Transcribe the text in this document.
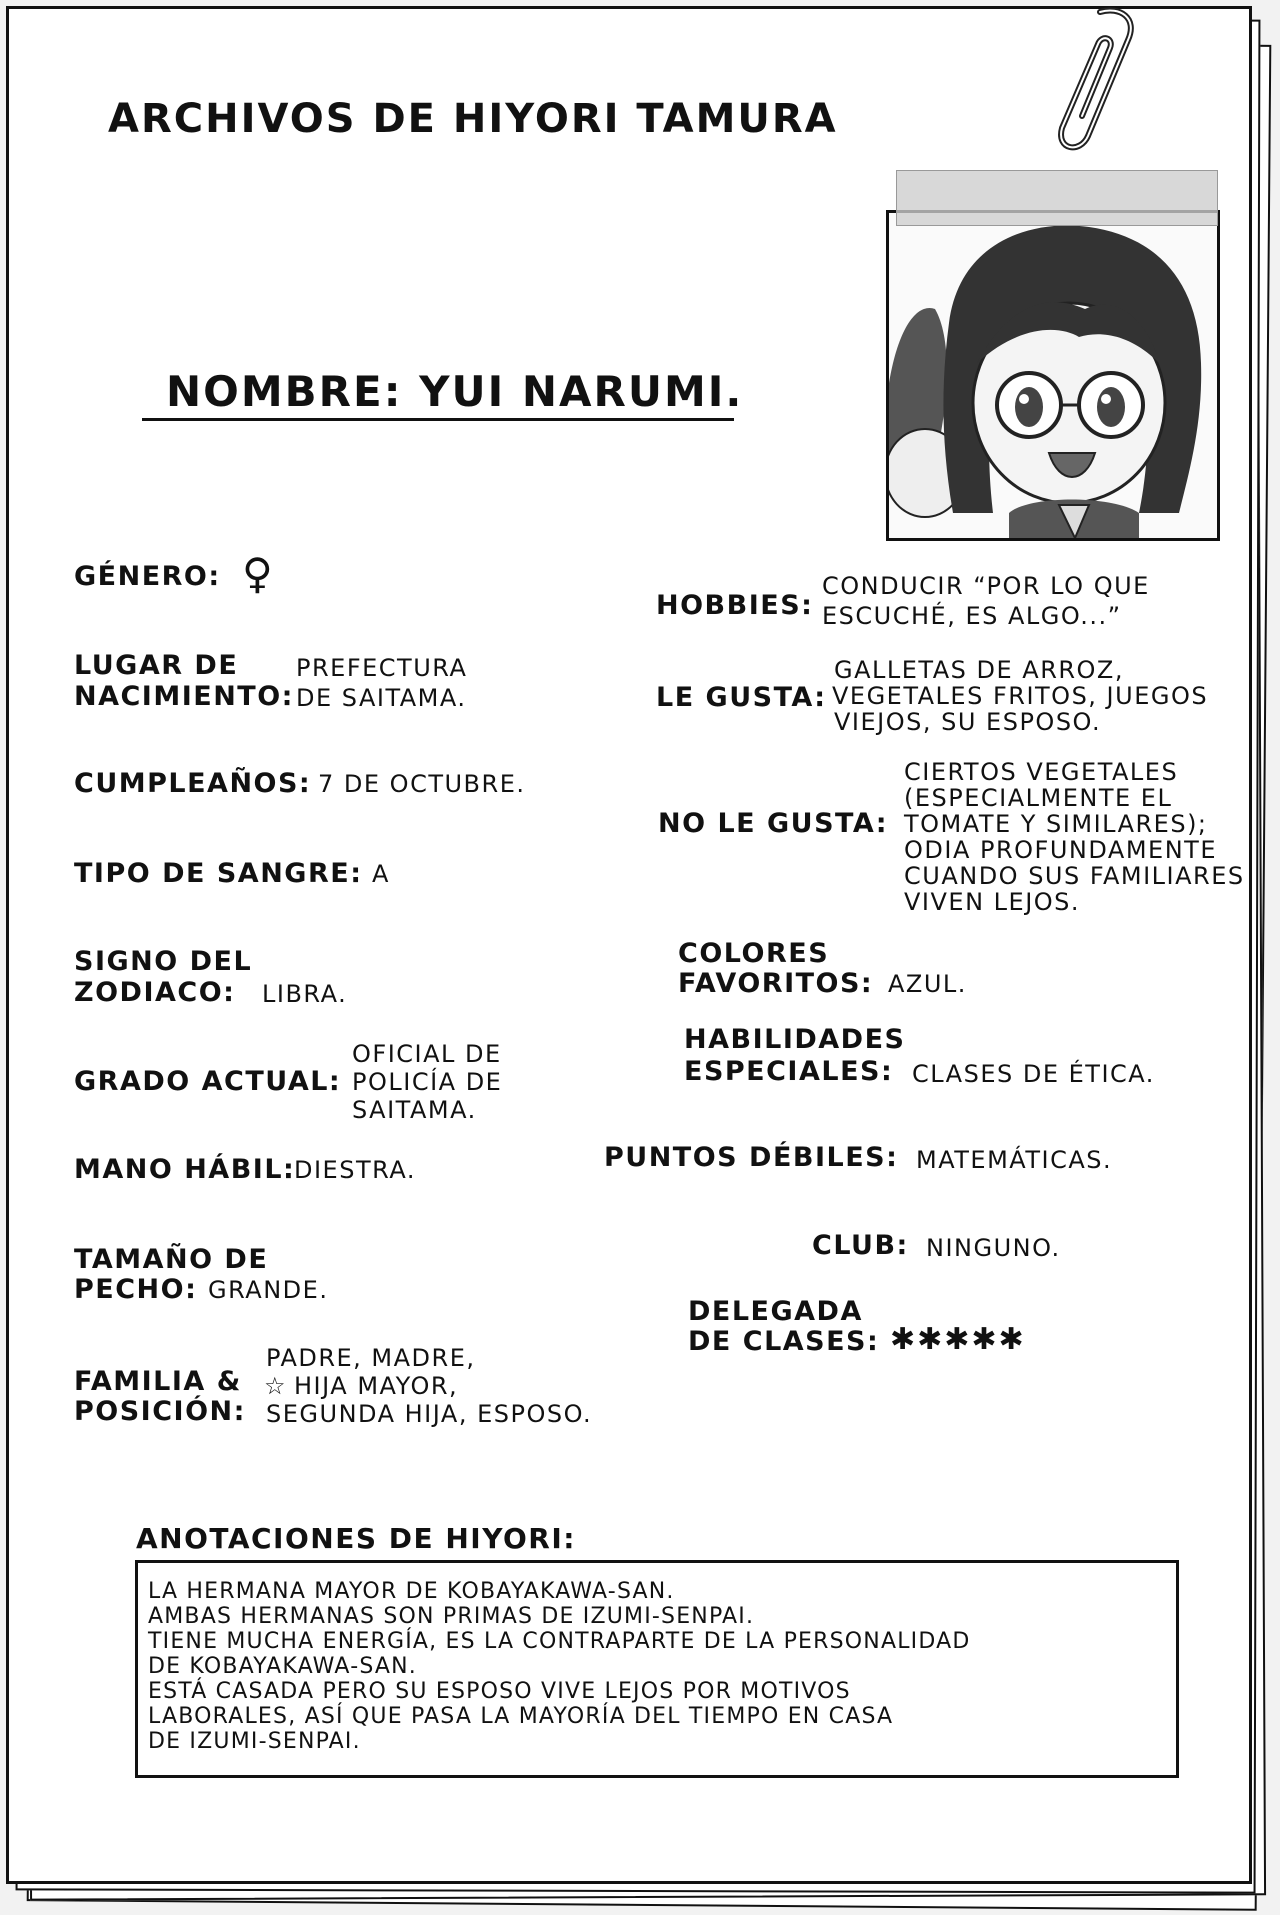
ARCHIVOS DE HIYORI TAMURA
NOMBRE: YUI NARUMI.
GÉNERO: ♀
LUGAR DE
NACIMIENTO:
PREFECTURA
DE SAITAMA.
CUMPLEAÑOS: 7 DE OCTUBRE.
TIPO DE SANGRE: A
SIGNO DEL
ZODIACO: LIBRA.
OFICIAL DE
GRADO ACTUAL: POLICÍA DE
SAITAMA.
MANO HÁBIL:
DIESTRA.
TAMAÑO DE
PECHO: GRANDE.
PADRE, MADRE,
FAMILIA & ☆ HIJA MAYOR,
POSICIÓN: SEGUNDA HIJA, ESPOSO.
CONDUCIR “POR LO QUE
HOBBIES: ESCUCHÉ, ES ALGO...”
GALLETAS DE ARROZ,
LE GUSTA: VEGETALES FRITOS, JUEGOS
VIEJOS, SU ESPOSO.
CIERTOS VEGETALES
(ESPECIALMENTE EL
NO LE GUSTA: TOMATE Y SIMILARES);
ODIA PROFUNDAMENTE
CUANDO SUS FAMILIARES
VIVEN LEJOS.
COLORES
FAVORITOS: AZUL.
HABILIDADES
ESPECIALES: CLASES DE ÉTICA.
PUNTOS DÉBILES: MATEMÁTICAS.
CLUB: NINGUNO.
DELEGADA
DE CLASES: ✱✱✱✱✱
ANOTACIONES DE HIYORI:
LA HERMANA MAYOR DE KOBAYAKAWA-SAN.
AMBAS HERMANAS SON PRIMAS DE IZUMI-SENPAI.
TIENE MUCHA ENERGÍA, ES LA CONTRAPARTE DE LA PERSONALIDAD
DE KOBAYAKAWA-SAN.
ESTÁ CASADA PERO SU ESPOSO VIVE LEJOS POR MOTIVOS
LABORALES, ASÍ QUE PASA LA MAYORÍA DEL TIEMPO EN CASA
DE IZUMI-SENPAI.
